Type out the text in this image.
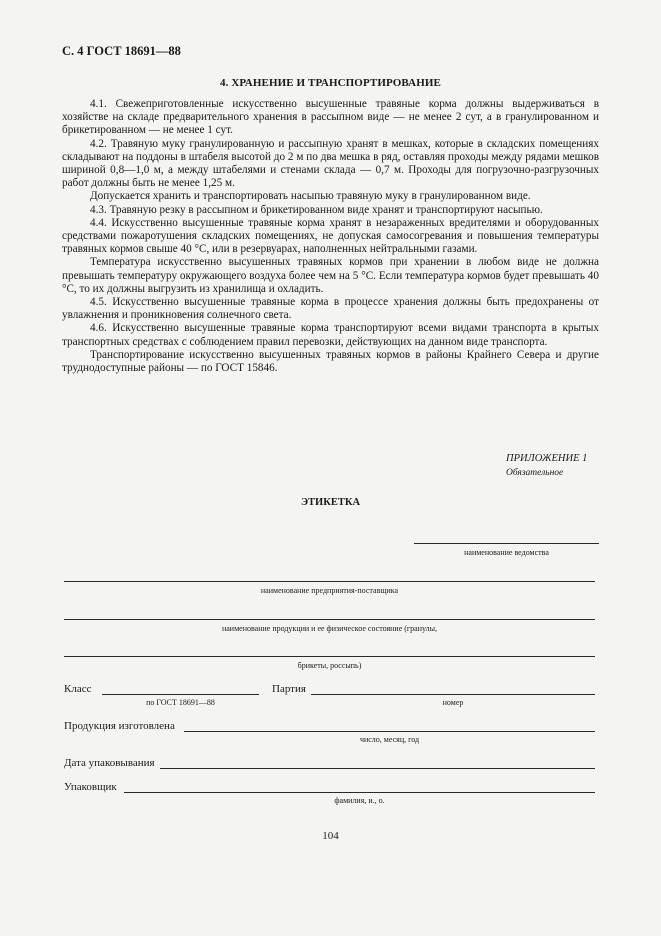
С. 4 ГОСТ 18691—88
4. ХРАНЕНИЕ И ТРАНСПОРТИРОВАНИЕ

4.1. Свежеприготовленные искусственно высушенные травяные корма должны выдерживаться в хозяйстве на складе предварительного хранения в рассыпном виде — не менее 2 сут, а в гранулированном и брикетированном — не менее 1 сут.

4.2. Травяную муку гранулированную и рассыпную хранят в мешках, которые в складских помещениях складывают на поддоны в штабеля высотой до 2 м по два мешка в ряд, оставляя проходы между рядами мешков шириной 0,8—1,0 м, а между штабелями и стенами склада — 0,7 м. Проходы для погрузочно-разгрузочных работ должны быть не менее 1,25 м.

Допускается хранить и транспортировать насыпью травяную муку в гранулированном виде.

4.3. Травяную резку в рассыпном и брикетированном виде хранят и транспортируют насыпью.

4.4. Искусственно высушенные травяные корма хранят в незараженных вредителями и оборудованных средствами пожаротушения складских помещениях, не допуская самосогревания и повышения температуры травяных кормов свыше 40 °С, или в резервуарах, наполненных нейтральными газами.

Температура искусственно высушенных травяных кормов при хранении в любом виде не должна превышать температуру окружающего воздуха более чем на 5 °С. Если температура кормов будет превышать 40 °С, то их должны выгрузить из хранилища и охладить.

4.5. Искусственно высушенные травяные корма в процессе хранения должны быть предохранены от увлажнения и проникновения солнечного света.

4.6. Искусственно высушенные травяные корма транспортируют всеми видами транспорта в крытых транспортных средствах с соблюдением правил перевозки, действующих на данном виде транспорта.

Транспортирование искусственно высушенных травяных кормов в районы Крайнего Севера и другие труднодоступные районы — по ГОСТ 15846.

ПРИЛОЖЕНИЕ 1
Обязательное
ЭТИКЕТКА
наименование ведомства
наименование предприятия-поставщика
наименование продукции и ее физическое состояние (гранулы,
брикеты, россыпь)
Класс
по ГОСТ 18691—88
Партия
номер
Продукция изготовлена
число, месяц, год
Дата упаковывания
Упаковщик
фамилия, и., о.
104
